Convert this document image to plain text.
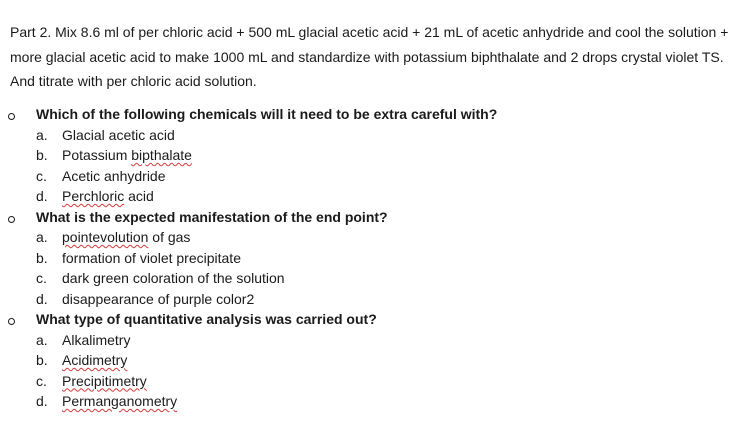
Part 2. Mix 8.6 ml of per chloric acid + 500 mL glacial acetic acid + 21 mL of acetic anhydride and cool the solution + more glacial acetic acid to make 1000 mL and standardize with potassium biphthalate and 2 drops crystal violet TS. And titrate with per chloric acid solution.

Which of the following chemicals will it need to be extra careful with?
a. Glacial acetic acid
b. Potassium bipthalate
c. Acetic anhydride
d. Perchloric acid
What is the expected manifestation of the end point?
a. pointevolution of gas
b. formation of violet precipitate
c. dark green coloration of the solution
d. disappearance of purple color2
What type of quantitative analysis was carried out?
a. Alkalimetry
b. Acidimetry
c. Precipitimetry
d. Permanganometry
